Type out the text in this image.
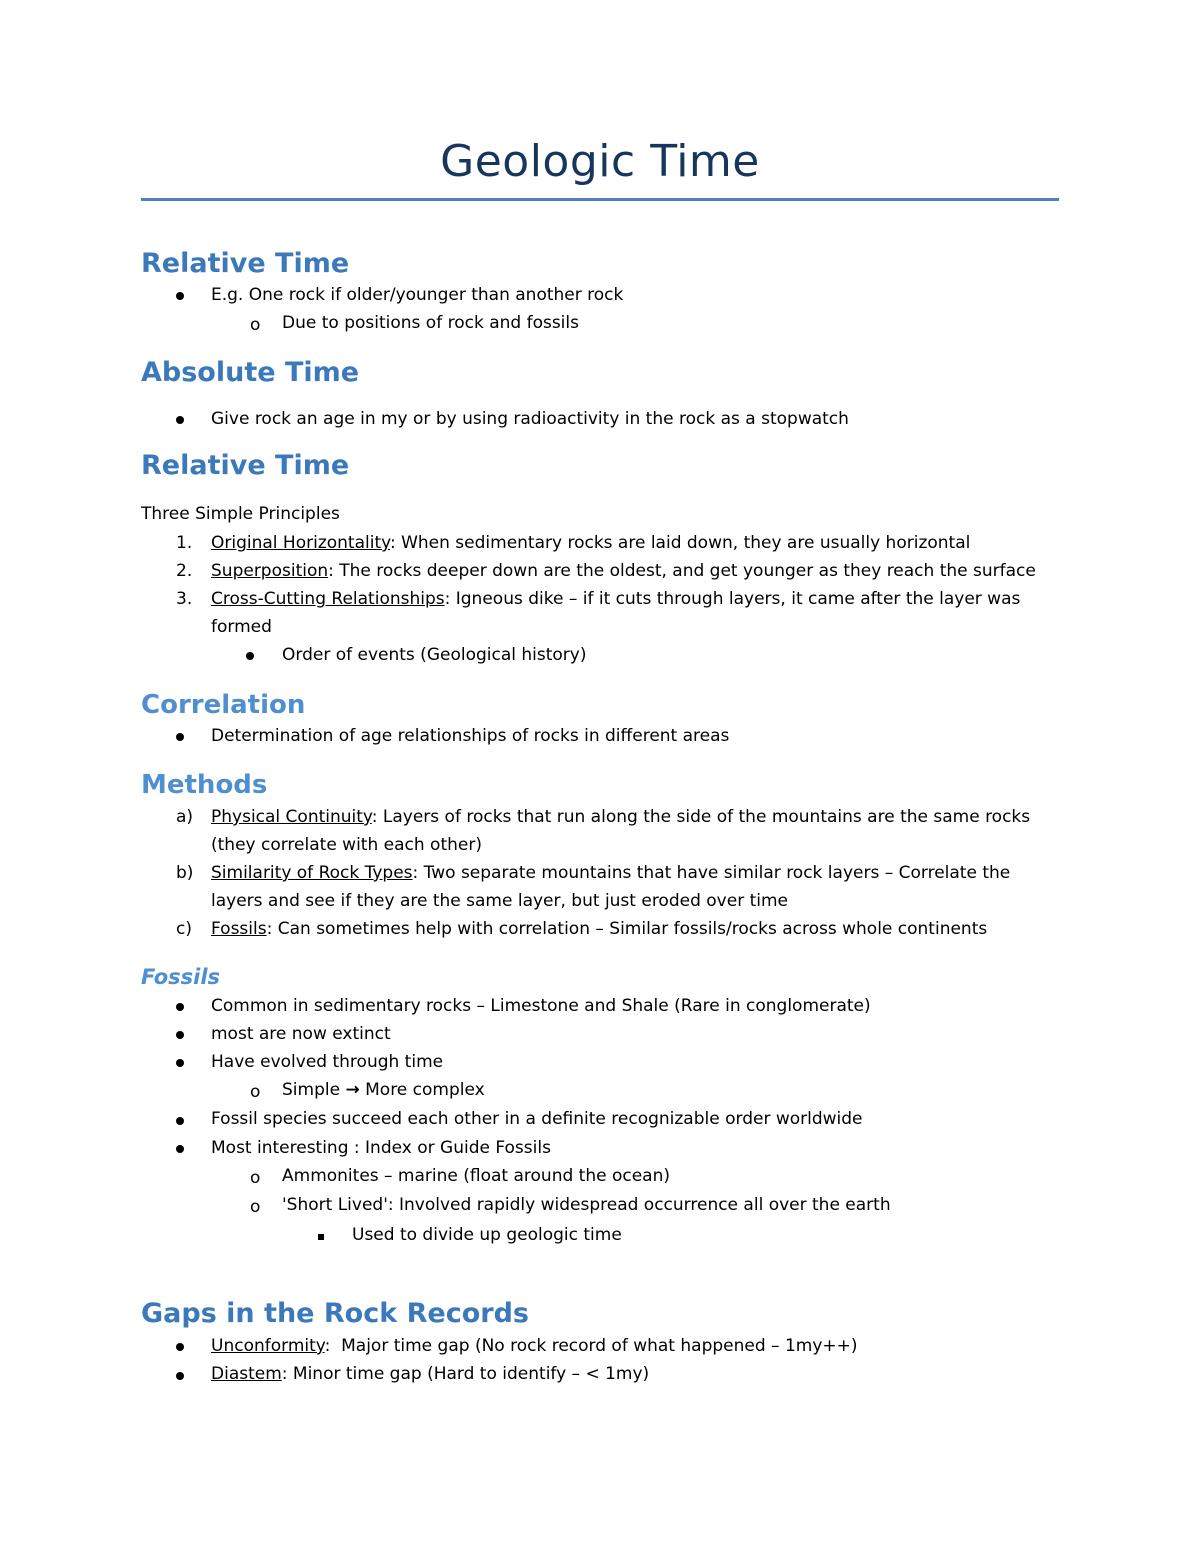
Geologic Time
Relative Time
E.g. One rock if older/younger than another rock
o Due to positions of rock and fossils
Absolute Time
Give rock an age in my or by using radioactivity in the rock as a stopwatch
Relative Time
Three Simple Principles
1. Original Horizontality: When sedimentary rocks are laid down, they are usually horizontal
2. Superposition: The rocks deeper down are the oldest, and get younger as they reach the surface
3. Cross-Cutting Relationships: Igneous dike – if it cuts through layers, it came after the layer was
formed
Order of events (Geological history)
Correlation
Determination of age relationships of rocks in different areas
Methods
a) Physical Continuity: Layers of rocks that run along the side of the mountains are the same rocks
(they correlate with each other)
b) Similarity of Rock Types: Two separate mountains that have similar rock layers – Correlate the
layers and see if they are the same layer, but just eroded over time
c) Fossils: Can sometimes help with correlation – Similar fossils/rocks across whole continents
Fossils
Common in sedimentary rocks – Limestone and Shale (Rare in conglomerate)
most are now extinct
Have evolved through time
o Simple → More complex
Fossil species succeed each other in a definite recognizable order worldwide
Most interesting : Index or Guide Fossils
o Ammonites – marine (float around the ocean)
o 'Short Lived': Involved rapidly widespread occurrence all over the earth
Used to divide up geologic time
Gaps in the Rock Records
Unconformity:  Major time gap (No rock record of what happened – 1my++)
Diastem: Minor time gap (Hard to identify – < 1my)
